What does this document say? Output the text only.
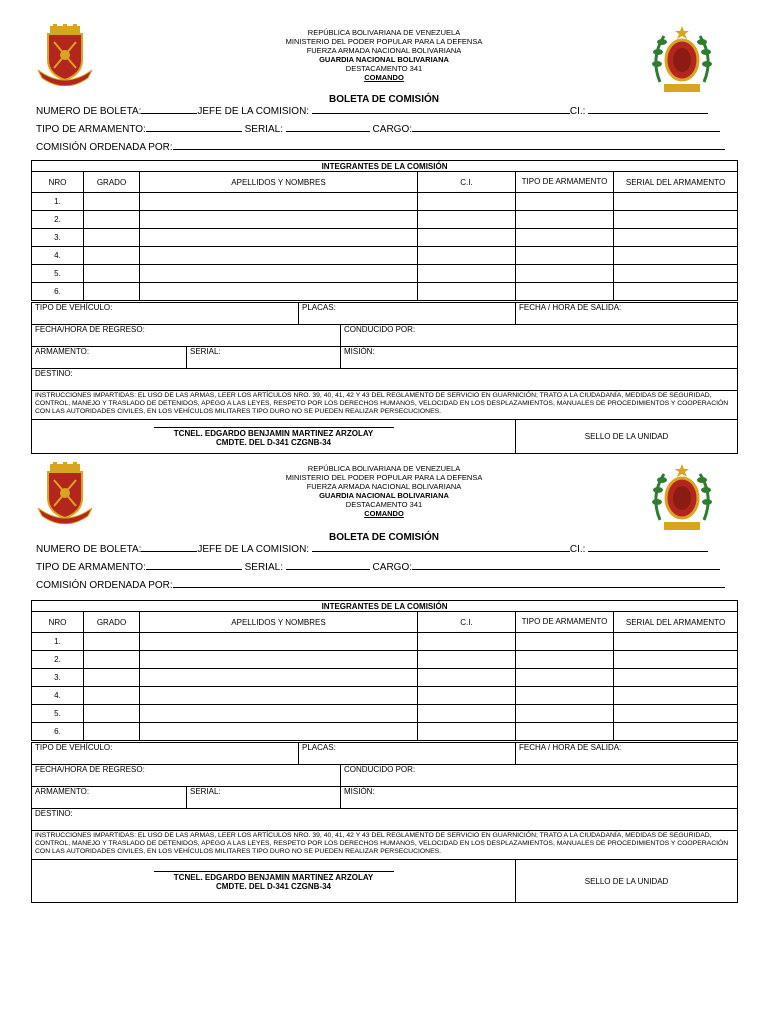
REPÚBLICA BOLIVARIANA DE VENEZUELA
MINISTERIO DEL PODER POPULAR PARA LA DEFENSA
FUERZA ARMADA NACIONAL BOLIVARIANA
GUARDIA NACIONAL BOLIVARIANA
DESTACAMENTO 341
COMANDO
BOLETA DE COMISIÓN
NUMERO DE BOLETA:	JEFE DE LA COMISION:	CI.:
TIPO DE ARMAMENTO:	SERIAL:	CARGO:
COMISIÓN ORDENADA POR:
INTEGRANTES DE LA COMISIÓN					
NRO	GRADO	APELLIDOS Y NOMBRES	C.I.	TIPO DE ARMAMENTO	SERIAL DEL ARMAMENTO
1.					
2.					
3.					
4.					
5.					
6.					
TIPO DE VEHÍCULO:		PLACAS:		FECHA / HORA DE SALIDA:
FECHA/HORA DE REGRESO:			CONDUCIDO POR:	
ARMAMENTO:	SERIAL:		MISIÓN:	
DESTINO:				
INSTRUCCIONES IMPARTIDAS: EL USO DE LAS ARMAS, LEER LOS ARTÍCULOS NRO. 39, 40, 41, 42 Y 43 DEL REGLAMENTO DE SERVICIO EN GUARNICIÓN; TRATO A LA CIUDADANÍA, MEDIDAS DE SEGURIDAD, CONTROL, MANEJO Y TRASLADO DE DETENIDOS, APEGO A LAS LEYES, RESPETO POR LOS DERECHOS HUMANOS, VELOCIDAD EN LOS DESPLAZAMIENTOS, MANUALES DE PROCEDIMIENTOS Y COOPERACIÓN CON LAS AUTORIDADES CIVILES, EN LOS VEHÍCULOS MILITARES TIPO DURO NO SE PUEDEN REALIZAR PERSECUCIONES.				

TCNEL. EDGARDO BENJAMIN MARTINEZ ARZOLAY
CMDTE. DEL D-341 CZGNB-34				SELLO DE LA UNIDAD
REPÚBLICA BOLIVARIANA DE VENEZUELA
MINISTERIO DEL PODER POPULAR PARA LA DEFENSA
FUERZA ARMADA NACIONAL BOLIVARIANA
GUARDIA NACIONAL BOLIVARIANA
DESTACAMENTO 341
COMANDO
BOLETA DE COMISIÓN
NUMERO DE BOLETA:	JEFE DE LA COMISION:	CI.:
TIPO DE ARMAMENTO:	SERIAL:	CARGO:
COMISIÓN ORDENADA POR:
INTEGRANTES DE LA COMISIÓN					
NRO	GRADO	APELLIDOS Y NOMBRES	C.I.	TIPO DE ARMAMENTO	SERIAL DEL ARMAMENTO
1.					
2.					
3.					
4.					
5.					
6.					
TIPO DE VEHÍCULO:		PLACAS:		FECHA / HORA DE SALIDA:
FECHA/HORA DE REGRESO:			CONDUCIDO POR:	
ARMAMENTO:	SERIAL:		MISIÓN:	
DESTINO:				
INSTRUCCIONES IMPARTIDAS: EL USO DE LAS ARMAS, LEER LOS ARTÍCULOS NRO. 39, 40, 41, 42 Y 43 DEL REGLAMENTO DE SERVICIO EN GUARNICIÓN; TRATO A LA CIUDADANÍA, MEDIDAS DE SEGURIDAD, CONTROL, MANEJO Y TRASLADO DE DETENIDOS, APEGO A LAS LEYES, RESPETO POR LOS DERECHOS HUMANOS, VELOCIDAD EN LOS DESPLAZAMIENTOS, MANUALES DE PROCEDIMIENTOS Y COOPERACIÓN CON LAS AUTORIDADES CIVILES, EN LOS VEHÍCULOS MILITARES TIPO DURO NO SE PUEDEN REALIZAR PERSECUCIONES.				

TCNEL. EDGARDO BENJAMIN MARTINEZ ARZOLAY
CMDTE. DEL D-341 CZGNB-34				SELLO DE LA UNIDAD
